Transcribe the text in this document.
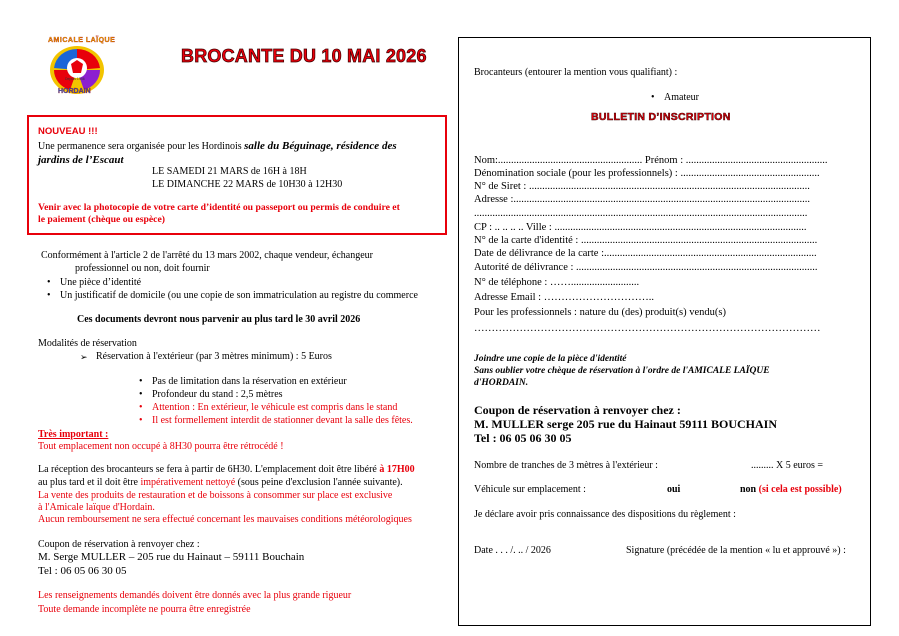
AMICALE LAÏQUE
Depuis 1946
HORDAIN
BROCANTE DU 10 MAI 2026
NOUVEAU !!!
Une permanence sera organisée pour les Hordinois salle du Béguinage, résidence des
jardins de l’Escaut
LE SAMEDI 21 MARS de 16H à 18H
LE DIMANCHE 22 MARS de 10H30 à 12H30
Venir avec la photocopie de votre carte d’identité ou passeport ou permis de conduire et
le paiement (chèque ou espèce)
Conformément à l'article 2 de l'arrêté du 13 mars 2002, chaque vendeur, échangeur
professionnel ou non, doit fournir
• Une pièce d’identité
• Un justificatif de domicile (ou une copie de son immatriculation au registre du commerce
Ces documents devront nous parvenir au plus tard le 30 avril 2026
Modalités de réservation
➢ Réservation à l'extérieur (par 3 mètres minimum) : 5 Euros
• Pas de limitation dans la réservation en extérieur
• Profondeur du stand : 2,5 mètres
• Attention : En extérieur, le véhicule est compris dans le stand
• Il est formellement interdit de stationner devant la salle des fêtes.
Très important :
Tout emplacement non occupé à 8H30 pourra être rétrocédé !
La réception des brocanteurs se fera à partir de 6H30. L'emplacement doit être libéré à 17H00
au plus tard et il doit être impérativement nettoyé (sous peine d'exclusion l'année suivante).
La vente des produits de restauration et de boissons à consommer sur place est exclusive
à l'Amicale laïque d'Hordain.
Aucun remboursement ne sera effectué concernant les mauvaises conditions météorologiques
Coupon de réservation à renvoyer chez :
M. Serge MULLER – 205 rue du Hainaut – 59111 Bouchain
Tel : 06 05 06 30 05
Les renseignements demandés doivent être donnés avec la plus grande rigueur
Toute demande incomplète ne pourra être enregistrée
Brocanteurs (entourer la mention vous qualifiant) :
• Amateur
BULLETIN D’INSCRIPTION
Nom:....................................................... Prénom : ......................................................
Dénomination sociale (pour les professionnels) : .....................................................
N° de Siret : ...........................................................................................................
Adresse :.................................................................................................................
...............................................................................................................................
CP : .. .. .. .. Ville : ................................................................................................
N° de la carte d'identité : ..........................................................................................
Date de délivrance de la carte :.................................................................................
Autorité de délivrance : ............................................................................................
N° de téléphone : ……..........................
Adresse Email : …………………………..
Pour les professionnels : nature du (des) produit(s) vendu(s)
………………………………………………………………………………………
Joindre une copie de la pièce d'identité
Sans oublier votre chèque de réservation à l'ordre de l'AMICALE LAÏQUE
d'HORDAIN.
Coupon de réservation à renvoyer chez :
M. MULLER serge 205 rue du Hainaut 59111 BOUCHAIN
Tel : 06 05 06 30 05
Nombre de tranches de 3 mètres à l'extérieur :	......... X 5 euros =
Véhicule sur emplacement :	oui	non (si cela est possible)
Je déclare avoir pris connaissance des dispositions du règlement :
Date . . . /. .. / 2026	Signature (précédée de la mention « lu et approuvé ») :
